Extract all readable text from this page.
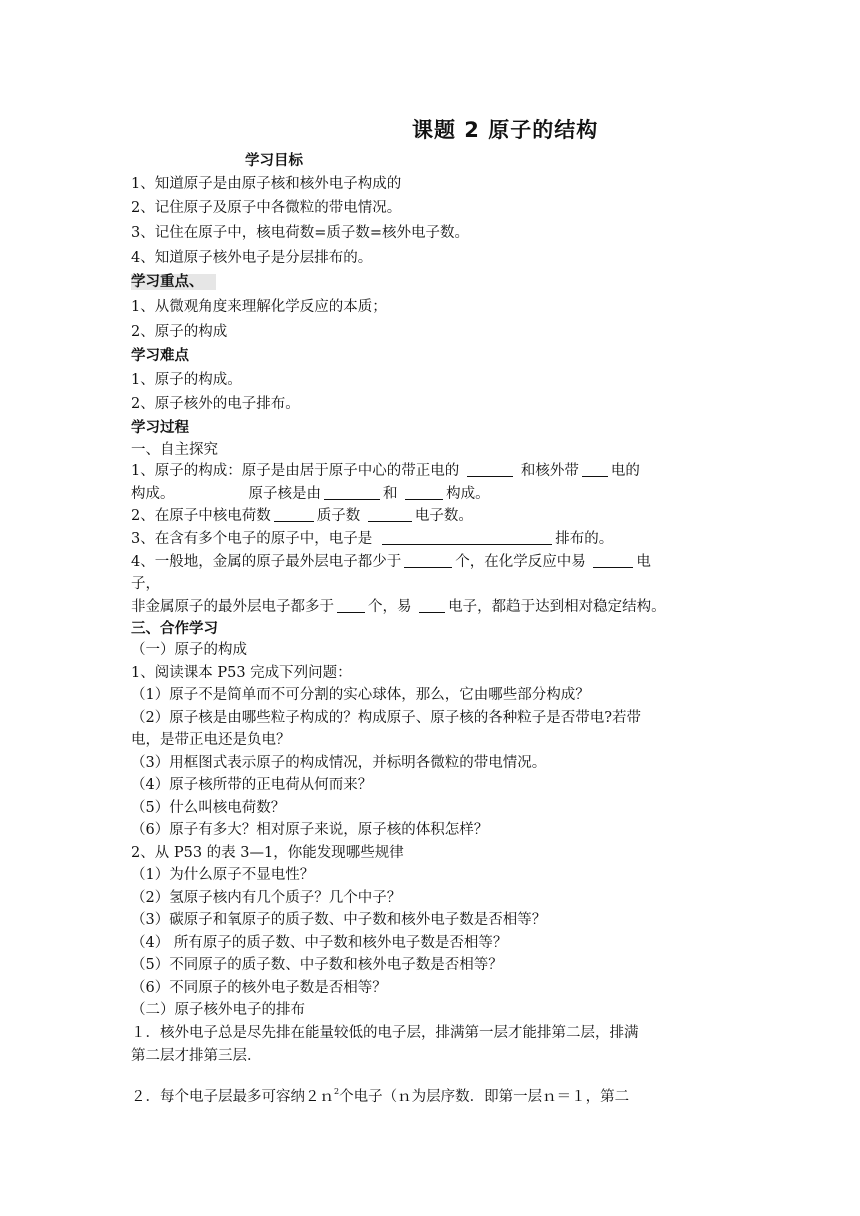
课题 2 原子的结构
学习目标
1、知道原子是由原子核和核外电子构成的
2、记住原子及原子中各微粒的带电情况。
3、记住在原子中，核电荷数=质子数=核外电子数。
4、知道原子核外电子是分层排布的。
学习重点、
1、从微观角度来理解化学反应的本质；
2、原子的构成
学习难点
1、原子的构成。
2、原子核外的电子排布。
学习过程
一、自主探究
1、原子的构成：原子是由居于原子中心的带正电的	和核外带 电的
构成。	原子核是由	和	构成。
2、在原子中核电荷数	质子数	电子数。
3、在含有多个电子的原子中，电子是	排布的。
4、一般地，金属的原子最外层电子都少于	个，在化学反应中易	电
子，
非金属原子的最外层电子都多于 个，易	电子，都趋于达到相对稳定结构。
三、合作学习
（一）原子的构成
1、阅读课本 P53 完成下列问题：
（1）原子不是简单而不可分割的实心球体，那么，它由哪些部分构成？
（2）原子核是由哪些粒子构成的？构成原子、原子核的各种粒子是否带电?若带
电，是带正电还是负电？
（3）用框图式表示原子的构成情况，并标明各微粒的带电情况。
（4）原子核所带的正电荷从何而来？
（5）什么叫核电荷数？
（6）原子有多大？相对原子来说，原子核的体积怎样？
2、从 P53 的表 3—1，你能发现哪些规律
（1）为什么原子不显电性？
（2）氢原子核内有几个质子？几个中子？
（3）碳原子和氧原子的质子数、中子数和核外电子数是否相等？
（4） 所有原子的质子数、中子数和核外电子数是否相等？
（5）不同原子的质子数、中子数和核外电子数是否相等？
（6）不同原子的核外电子数是否相等？
（二）原子核外电子的排布
１．核外电子总是尽先排在能量较低的电子层，排满第一层才能排第二层，排满
第二层才排第三层．
２．每个电子层最多可容纳２ｎ$^2$个电子（ｎ为层序数．即第一层ｎ＝１，第二
